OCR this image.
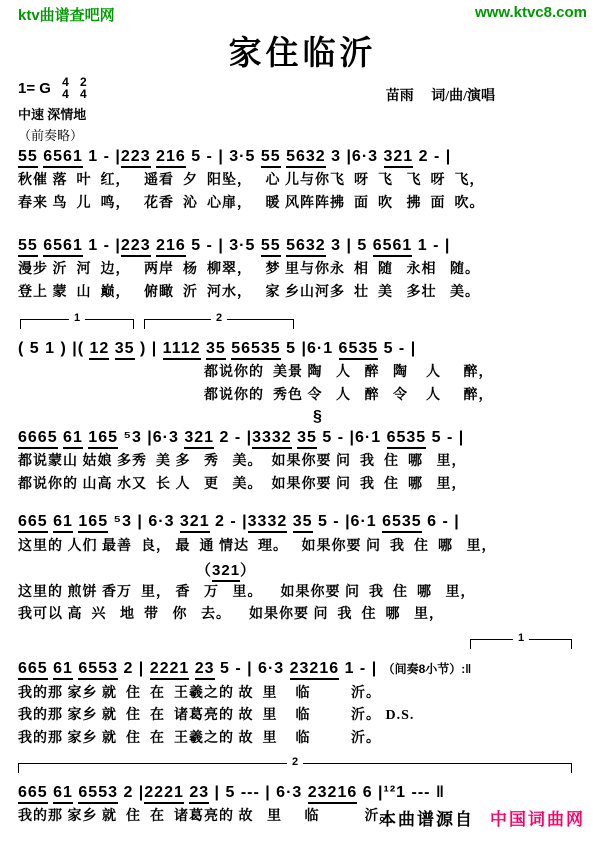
ktv曲谱查吧网	www.ktvc8.com
家住临沂
1= G 4
4

2
4	苗雨　 词/曲/演唱
中速 深情地
（前奏略）
55 6561 1 - |223 216 5 - | 3·5 55 5632 3 |6·3 321 2 - |
秋催 落  叶  红，   遥看  夕  阳坠，   心 儿与你飞  呀  飞   飞  呀  飞，
春来 鸟  儿  鸣，   花香  沁  心扉，   暖 风阵阵拂  面  吹   拂  面  吹。
55 6561 1 - |223 216 5 - | 3·5 55 5632 3 | 5 6561 1 - |
漫步 沂  河  边，   两岸  杨  柳翠，   梦 里与你永  相  随   永相   随。
登上 蒙  山  巅，   俯瞰  沂  河水，   家 乡山河多  壮  美   多壮   美。
1	2
( 5 1 ) |( 12 35 ) | 1112 35 56535 5 |6·1 6535 5 - |
都说你的  美景 陶   人   醉   陶    人     醉，
都说你的  秀色 令   人   醉   令    人     醉，
§
6665 61 165 ⁵3 |6·3 321 2 - |3332 35 5 - |6·1 6535 5 - |
都说蒙山 姑娘 多秀  美 多   秀   美。  如果你要 问  我  住  哪   里，
都说你的 山高 水又  长 人   更   美。  如果你要 问  我  住  哪   里，
665 61 165 ⁵3 | 6·3 321 2 - |3332 35 5 - |6·1 6535 6 - |
这里的 人们 最善  良， 最  通 情达  理。   如果你要 问  我  住  哪   里，
（321）
这里的 煎饼 香万  里， 香   万   里。    如果你要 问  我  住  哪   里，
我可以 高  兴   地  带   你   去。    如果你要 问  我  住  哪   里，
1
665 61 6553 2 | 2221 23 5 - | 6·3 23216 1 - | （间奏8小节）:‖
我的那 家乡 就  住  在  王羲之的 故  里    临         沂。
我的那 家乡 就  住  在  诸葛亮的 故  里    临         沂。 D.S.
我的那 家乡 就  住  在  王羲之的 故  里    临         沂。
2
665 61 6553 2 |2221 23 | 5 --- | 6·3 23216 6 |¹²1 --- ‖
我的那 家乡 就  住  在  诸葛亮的 故   里     临          沂。
本曲谱源自 中国词曲网
